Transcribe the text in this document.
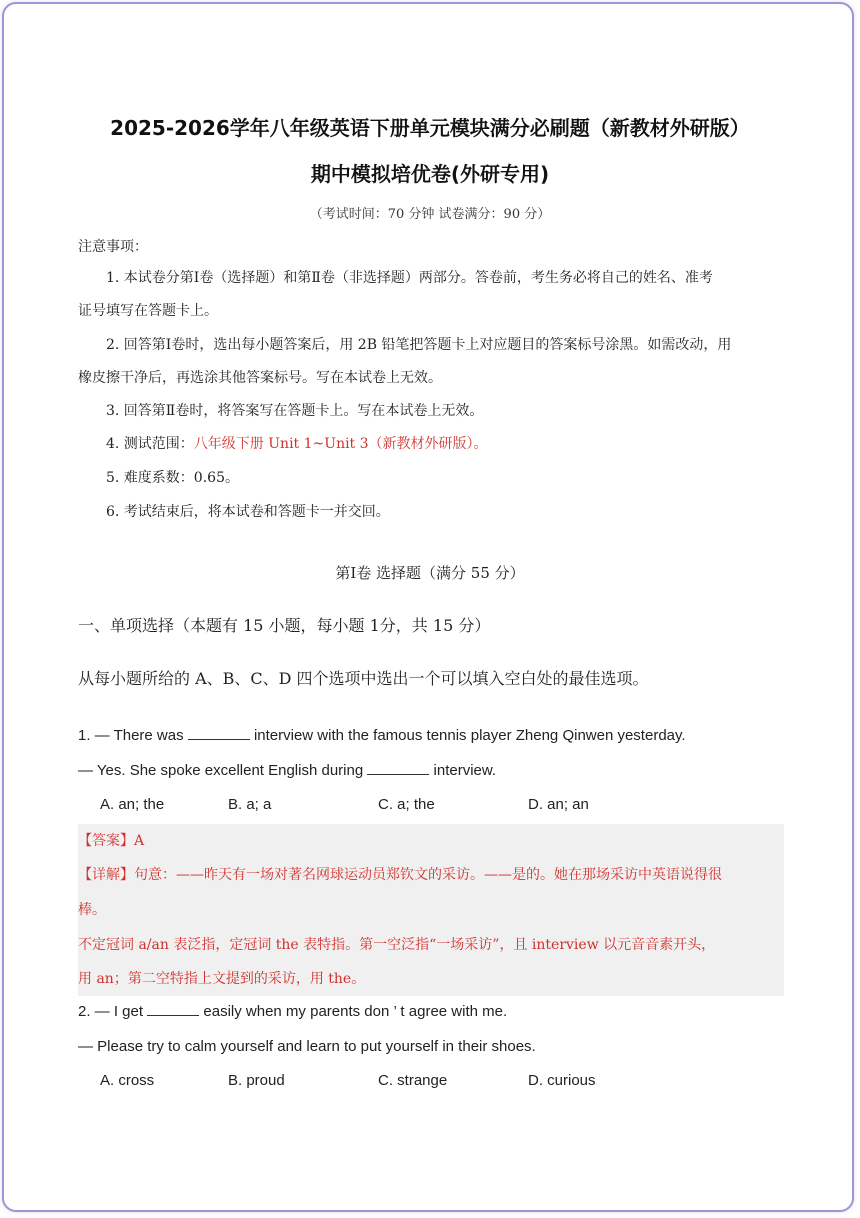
2025-2026学年八年级英语下册单元模块满分必刷题（新教材外研版）
期中模拟培优卷(外研专用)
（考试时间：70 分钟 试卷满分：90 分）
注意事项：
1. 本试卷分第Ⅰ卷（选择题）和第Ⅱ卷（非选择题）两部分。答卷前，考生务必将自己的姓名、准考
证号填写在答题卡上。
2. 回答第Ⅰ卷时，选出每小题答案后，用 2B 铅笔把答题卡上对应题目的答案标号涂黑。如需改动，用
橡皮擦干净后，再选涂其他答案标号。写在本试卷上无效。
3. 回答第Ⅱ卷时，将答案写在答题卡上。写在本试卷上无效。
4. 测试范围：八年级下册 Unit 1~Unit 3（新教材外研版）。
5. 难度系数：0.65。
6. 考试结束后，将本试卷和答题卡一并交回。
第Ⅰ卷 选择题（满分 55 分）
一、单项选择（本题有 15 小题，每小题 1分，共 15 分）
从每小题所给的 A、B、C、D 四个选项中选出一个可以填入空白处的最佳选项。
1. — There was	interview with the famous tennis player Zheng Qinwen yesterday.
— Yes. She spoke excellent English during	interview.
A. an; the	B. a; a	C. a; the	D. an; an
【答案】A
【详解】句意：——昨天有一场对著名网球运动员郑钦文的采访。——是的。她在那场采访中英语说得很
棒。
不定冠词 a/an 表泛指，定冠词 the 表特指。第一空泛指“一场采访”，且 interview 以元音音素开头，
用 an；第二空特指上文提到的采访，用 the。
2. — I get	easily when my parents don ’ t agree with me.
— Please try to calm yourself and learn to put yourself in their shoes.
A. cross	B. proud	C. strange	D. curious
